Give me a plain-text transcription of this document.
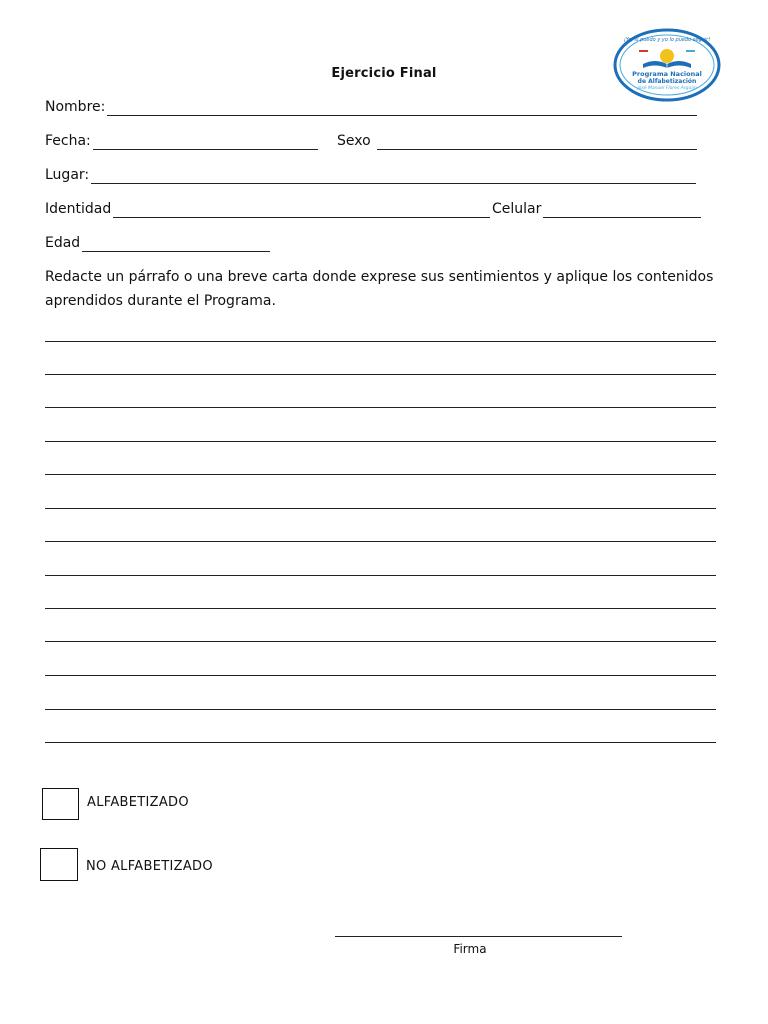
¡Yo, sí puedo y yo lo puedo seguir!
Programa Nacional
de Alfabetización
José Manuel Flores Arguijo
Ejercicio Final
Nombre:
Fecha:	Sexo
Lugar:
Identidad	Celular
Edad
Redacte un párrafo o una breve carta donde exprese sus sentimientos y aplique los contenidos aprendidos durante el Programa.
ALFABETIZADO
NO ALFABETIZADO
Firma
